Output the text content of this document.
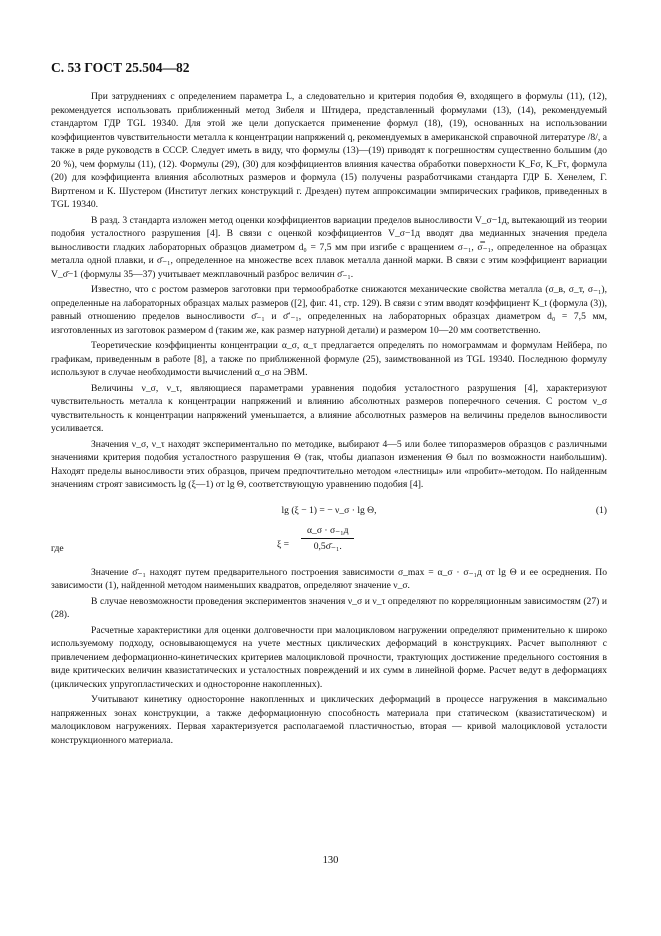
С. 53 ГОСТ 25.504—82

При затруднениях с определением параметра L, а следовательно и критерия подобия Θ, входящего в формулы (11), (12), рекомендуется использовать приближенный метод Зибеля и Штидера, представленный формулами (13), (14), рекомендуемый стандартом ГДР TGL 19340. Для этой же цели допускается применение формул (18), (19), основанных на использовании коэффициентов чувствительности металла к концентрации напряжений q, рекомендуемых в американской справочной литературе /8/, а также в ряде руководств в СССР. Следует иметь в виду, что формулы (13)—(19) приводят к погрешностям существенно большим (до 20 %), чем формулы (11), (12). Формулы (29), (30) для коэффициентов влияния качества обработки поверхности K_Fσ, K_Fτ, формула (20) для коэффициента влияния абсолютных размеров и формула (15) получены разработчиками стандарта ГДР Б. Хенелем, Г. Виртгеном и К. Шустером (Институт легких конструкций г. Дрезден) путем аппроксимации эмпирических графиков, приведенных в TGL 19340.

В разд. 3 стандарта изложен метод оценки коэффициентов вариации пределов выносливости V_σ−1д, вытекающий из теории подобия усталостного разрушения [4]. В связи с оценкой коэффициентов V_σ−1д вводят два медианных значения предела выносливости гладких лабораторных образцов диаметром d₀ = 7,5 мм при изгибе с вращением σ₋₁, σ̿₋₁, определенное на образцах металла одной плавки, и σ̄₋₁, определенное на множестве всех плавок металла данной марки. В связи с этим коэффициент вариации V_σ̄−1 (формулы 35—37) учитывает межплавочный разброс величин σ̄₋₁.

Известно, что с ростом размеров заготовки при термообработке снижаются механические свойства металла (σ_в, σ_т, σ₋₁), определенные на лабораторных образцах малых размеров ([2], фиг. 41, стр. 129). В связи с этим вводят коэффициент K_t (формула (3)), равный отношению пределов выносливости σ̄₋₁ и σ̄′₋₁, определенных на лабораторных образцах диаметром d₀ = 7,5 мм, изготовленных из заготовок размером d (таким же, как размер натурной детали) и размером 10—20 мм соответственно.

Теоретические коэффициенты концентрации α_σ, α_τ предлагается определять по номограммам и формулам Нейбера, по графикам, приведенным в работе [8], а также по приближенной формуле (25), заимствованной из TGL 19340. Последнюю формулу используют в случае необходимости вычислений α_σ на ЭВМ.

Величины ν_σ, ν_τ, являющиеся параметрами уравнения подобия усталостного разрушения [4], характеризуют чувствительность металла к концентрации напряжений и влиянию абсолютных размеров поперечного сечения. С ростом ν_σ чувствительность к концентрации напряжений уменьшается, а влияние абсолютных размеров на величины пределов выносливости усиливается.

Значения ν_σ, ν_τ находят экспериментально по методике, выбирают 4—5 или более типоразмеров образцов с различными значениями критерия подобия усталостного разрушения Θ (так, чтобы диапазон изменения Θ был по возможности наибольшим). Находят пределы выносливости этих образцов, причем предпочтительно методом «лестницы» или «пробит»-методом. По найденным значениям строят зависимость lg (ξ—1) от lg Θ, соответствующую уравнению подобия [4].

lg (ξ − 1) = − ν_σ · lg Θ,	(1)
где	ξ =
α_σ · σ₋₁д
0,5σ̄₋₁.

Значение σ̄₋₁ находят путем предварительного построения зависимости σ_max = α_σ · σ₋₁д от lg Θ и ее осреднения. По зависимости (1), найденной методом наименьших квадратов, определяют значение ν_σ.

В случае невозможности проведения экспериментов значения ν_σ и ν_τ определяют по корреляционным зависимостям (27) и (28).

Расчетные характеристики для оценки долговечности при малоцикловом нагружении определяют применительно к широко используемому подходу, основывающемуся на учете местных циклических деформаций в конструкциях. Расчет выполняют с привлечением деформационно-кинетических критериев малоцикловой прочности, трактующих достижение предельного состояния в виде критических величин квазистатических и усталостных повреждений и их сумм в линейной форме. Расчет ведут в деформациях (циклических упругопластических и односторонне накопленных).

Учитывают кинетику односторонне накопленных и циклических деформаций в процессе нагружения в максимально напряженных зонах конструкции, а также деформационную способность материала при статическом (квазистатическом) и малоцикловом нагружениях. Первая характеризуется располагаемой пластичностью, вторая — кривой малоцикловой усталости конструкционного материала.

130
